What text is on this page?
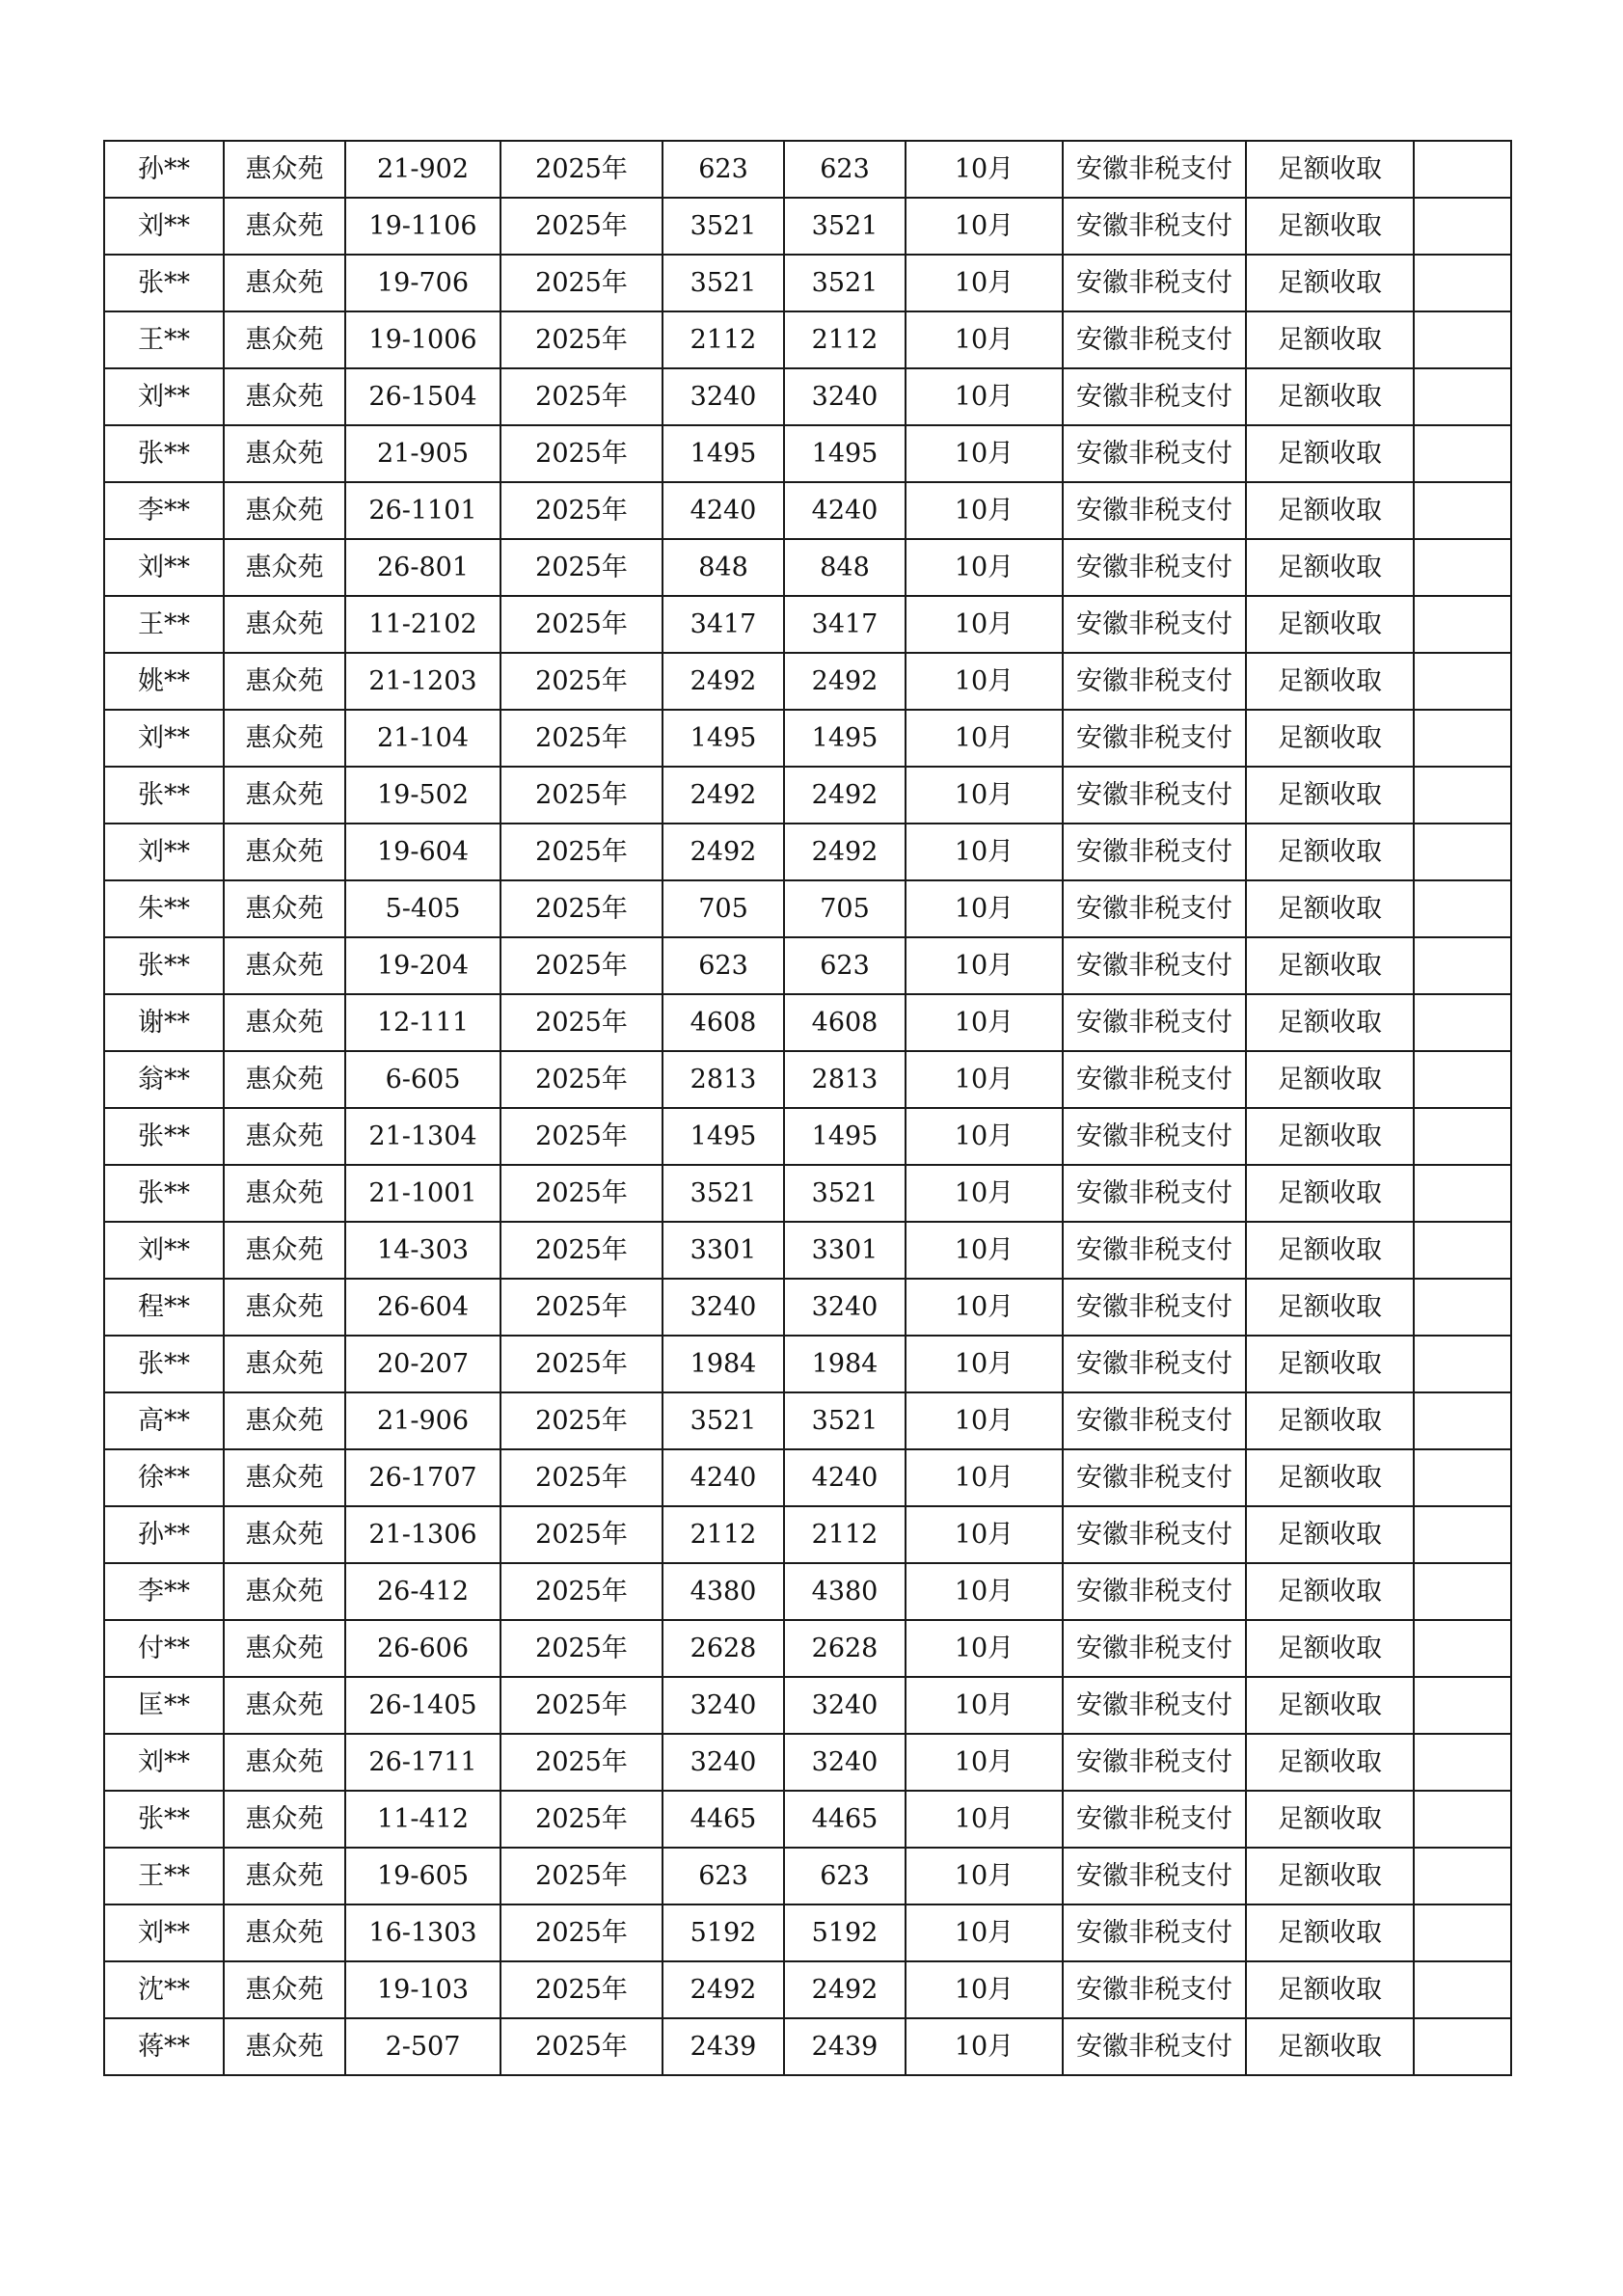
孙**	惠众苑	21-902	2025年	623	623	10月	安徽非税支付	足额收取	
刘**	惠众苑	19-1106	2025年	3521	3521	10月	安徽非税支付	足额收取	
张**	惠众苑	19-706	2025年	3521	3521	10月	安徽非税支付	足额收取	
王**	惠众苑	19-1006	2025年	2112	2112	10月	安徽非税支付	足额收取	
刘**	惠众苑	26-1504	2025年	3240	3240	10月	安徽非税支付	足额收取	
张**	惠众苑	21-905	2025年	1495	1495	10月	安徽非税支付	足额收取	
李**	惠众苑	26-1101	2025年	4240	4240	10月	安徽非税支付	足额收取	
刘**	惠众苑	26-801	2025年	848	848	10月	安徽非税支付	足额收取	
王**	惠众苑	11-2102	2025年	3417	3417	10月	安徽非税支付	足额收取	
姚**	惠众苑	21-1203	2025年	2492	2492	10月	安徽非税支付	足额收取	
刘**	惠众苑	21-104	2025年	1495	1495	10月	安徽非税支付	足额收取	
张**	惠众苑	19-502	2025年	2492	2492	10月	安徽非税支付	足额收取	
刘**	惠众苑	19-604	2025年	2492	2492	10月	安徽非税支付	足额收取	
朱**	惠众苑	5-405	2025年	705	705	10月	安徽非税支付	足额收取	
张**	惠众苑	19-204	2025年	623	623	10月	安徽非税支付	足额收取	
谢**	惠众苑	12-111	2025年	4608	4608	10月	安徽非税支付	足额收取	
翁**	惠众苑	6-605	2025年	2813	2813	10月	安徽非税支付	足额收取	
张**	惠众苑	21-1304	2025年	1495	1495	10月	安徽非税支付	足额收取	
张**	惠众苑	21-1001	2025年	3521	3521	10月	安徽非税支付	足额收取	
刘**	惠众苑	14-303	2025年	3301	3301	10月	安徽非税支付	足额收取	
程**	惠众苑	26-604	2025年	3240	3240	10月	安徽非税支付	足额收取	
张**	惠众苑	20-207	2025年	1984	1984	10月	安徽非税支付	足额收取	
高**	惠众苑	21-906	2025年	3521	3521	10月	安徽非税支付	足额收取	
徐**	惠众苑	26-1707	2025年	4240	4240	10月	安徽非税支付	足额收取	
孙**	惠众苑	21-1306	2025年	2112	2112	10月	安徽非税支付	足额收取	
李**	惠众苑	26-412	2025年	4380	4380	10月	安徽非税支付	足额收取	
付**	惠众苑	26-606	2025年	2628	2628	10月	安徽非税支付	足额收取	
匡**	惠众苑	26-1405	2025年	3240	3240	10月	安徽非税支付	足额收取	
刘**	惠众苑	26-1711	2025年	3240	3240	10月	安徽非税支付	足额收取	
张**	惠众苑	11-412	2025年	4465	4465	10月	安徽非税支付	足额收取	
王**	惠众苑	19-605	2025年	623	623	10月	安徽非税支付	足额收取	
刘**	惠众苑	16-1303	2025年	5192	5192	10月	安徽非税支付	足额收取	
沈**	惠众苑	19-103	2025年	2492	2492	10月	安徽非税支付	足额收取	
蒋**	惠众苑	2-507	2025年	2439	2439	10月	安徽非税支付	足额收取	
